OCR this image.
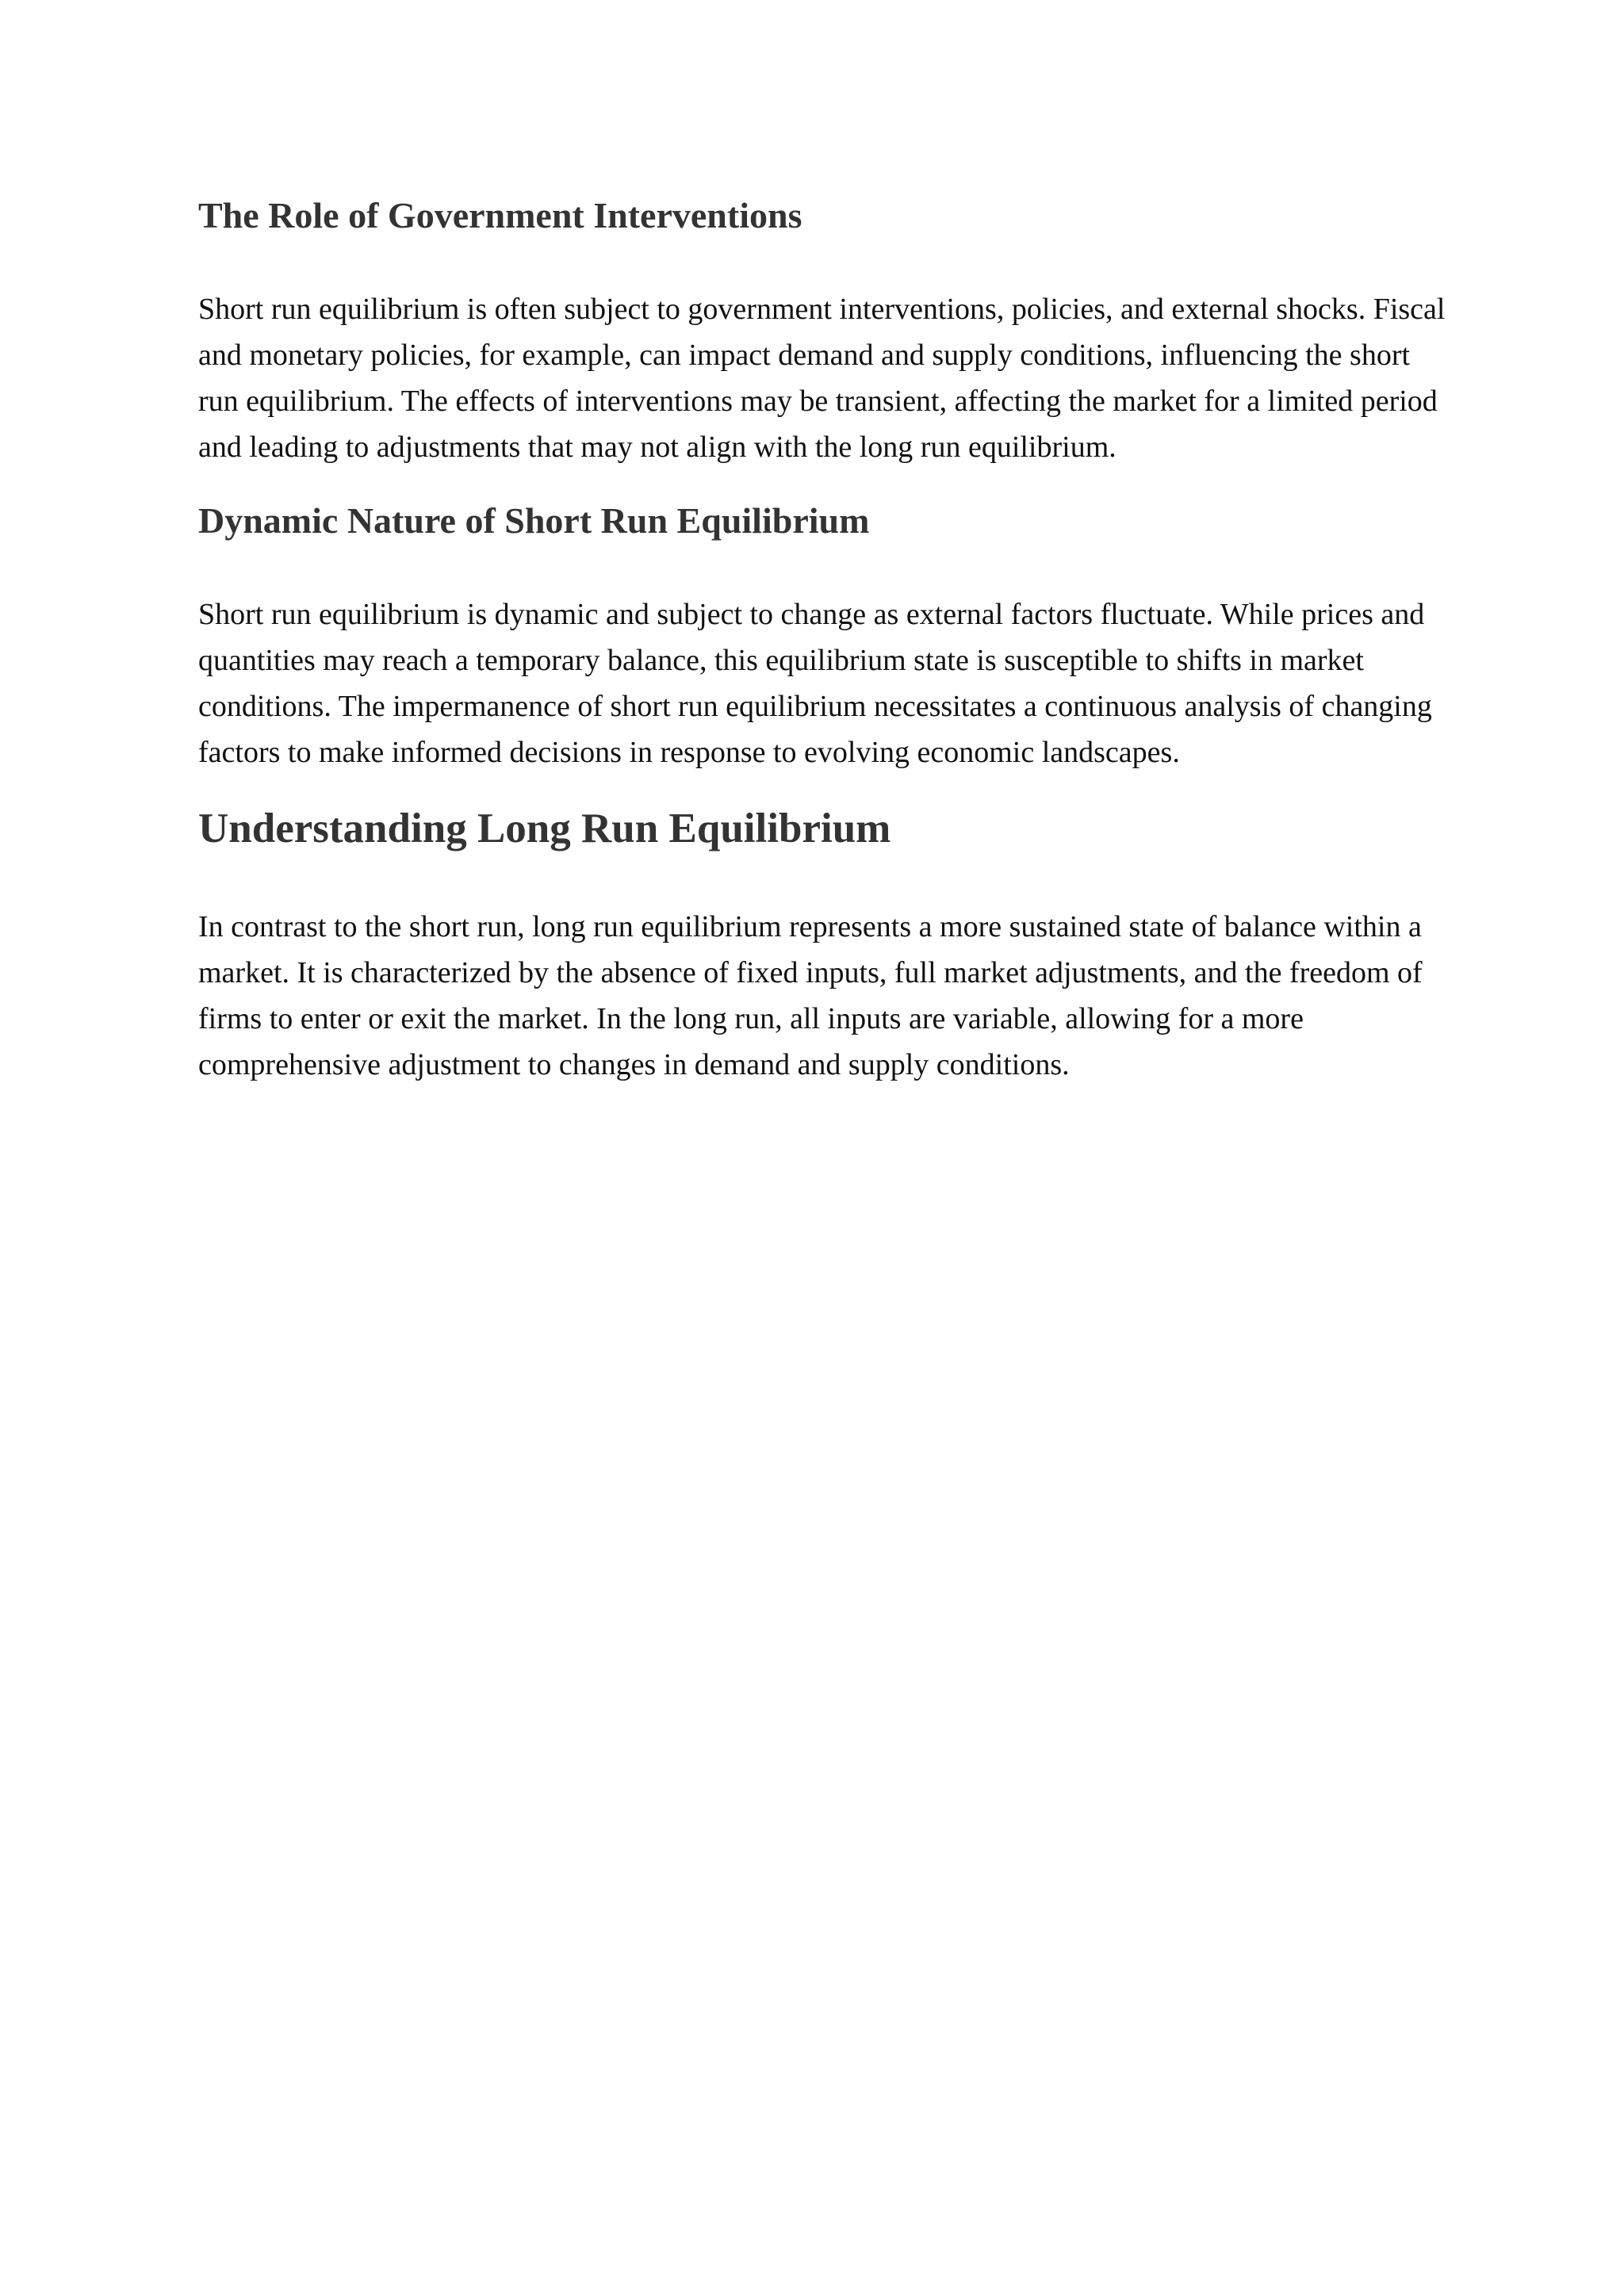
The Role of Government Interventions

Short run equilibrium is often subject to government interventions, policies, and external shocks. Fiscal and monetary policies, for example, can impact demand and supply conditions, influencing the short run equilibrium. The effects of interventions may be transient, affecting the market for a limited period and leading to adjustments that may not align with the long run equilibrium.

Dynamic Nature of Short Run Equilibrium

Short run equilibrium is dynamic and subject to change as external factors fluctuate. While prices and quantities may reach a temporary balance, this equilibrium state is susceptible to shifts in market conditions. The impermanence of short run equilibrium necessitates a continuous analysis of changing factors to make informed decisions in response to evolving economic landscapes.

Understanding Long Run Equilibrium

In contrast to the short run, long run equilibrium represents a more sustained state of balance within a market. It is characterized by the absence of fixed inputs, full market adjustments, and the freedom of firms to enter or exit the market. In the long run, all inputs are variable, allowing for a more comprehensive adjustment to changes in demand and supply conditions.
